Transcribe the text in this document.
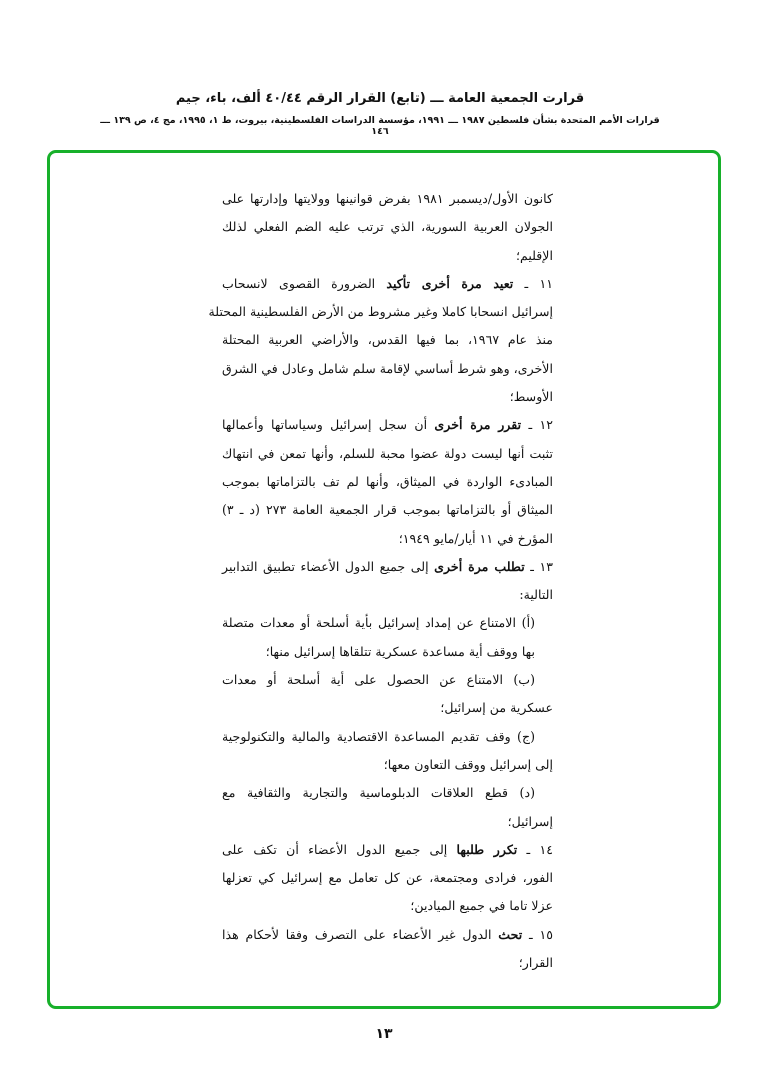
قرارت الجمعية العامة ـــ (تابع) القرار الرقم ٤٠/٤٤ ألف، باء، جيم
قرارات الأمم المتحدة بشأن فلسطين ١٩٨٧ ـــ ١٩٩١، مؤسسة الدراسات الفلسطينية، بيروت، ط ١، ١٩٩٥، مج ٤، ص ١٣٩ ـــ ١٤٦
كانون الأول/ديسمبر ١٩٨١ بفرض قوانينها وولايتها وإدارتها على
الجولان العربية السورية، الذي ترتب عليه الضم الفعلي لذلك
الإقليم؛
١١ ـ تعيد مرة أخرى تأكيد الضرورة القصوى لانسحاب
إسرائيل انسحابا كاملا وغير مشروط من الأرض الفلسطينية المحتلة
منذ عام ١٩٦٧، بما فيها القدس، والأراضي العربية المحتلة
الأخرى، وهو شرط أساسي لإقامة سلم شامل وعادل في الشرق
الأوسط؛
١٢ ـ تقرر مرة أخرى أن سجل إسرائيل وسياساتها وأعمالها
تثبت أنها ليست دولة عضوا محبة للسلم، وأنها تمعن في انتهاك
المبادىء الواردة في الميثاق، وأنها لم تف بالتزاماتها بموجب
الميثاق أو بالتزاماتها بموجب قرار الجمعية العامة ٢٧٣ (د ـ ٣)
المؤرخ في ١١ أيار/مايو ١٩٤٩؛
١٣ ـ تطلب مرة أخرى إلى جميع الدول الأعضاء تطبيق التدابير
التالية:
(أ) الامتناع عن إمداد إسرائيل بأية أسلحة أو معدات متصلة
بها ووقف أية مساعدة عسكرية تتلقاها إسرائيل منها؛
(ب) الامتناع عن الحصول على أية أسلحة أو معدات
عسكرية من إسرائيل؛
(ج) وقف تقديم المساعدة الاقتصادية والمالية والتكنولوجية
إلى إسرائيل ووقف التعاون معها؛
(د) قطع العلاقات الدبلوماسية والتجارية والثقافية مع
إسرائيل؛
١٤ ـ تكرر طلبها إلى جميع الدول الأعضاء أن تكف على
الفور، فرادى ومجتمعة، عن كل تعامل مع إسرائيل كي تعزلها
عزلا تاما في جميع الميادين؛
١٥ ـ تحث الدول غير الأعضاء على التصرف وفقا لأحكام هذا
القرار؛
١٣
